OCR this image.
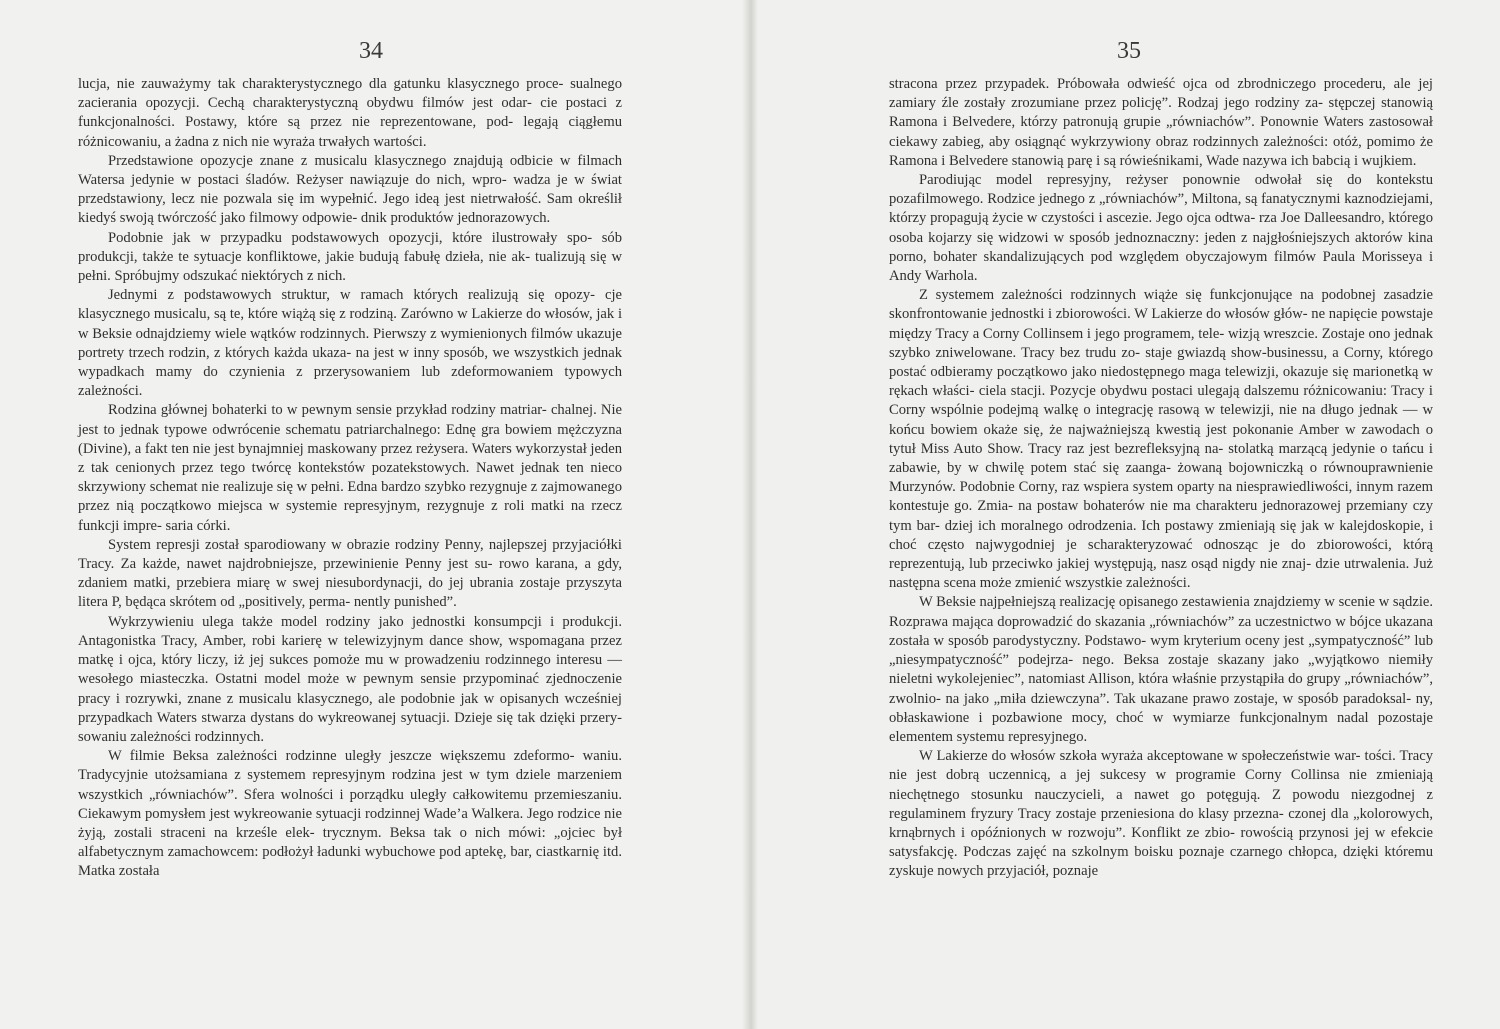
34

lucja, nie zauważymy tak charakterystycznego dla gatunku klasycznego proce- sualnego zacierania opozycji. Cechą charakterystyczną obydwu filmów jest odar- cie postaci z funkcjonalności. Postawy, które są przez nie reprezentowane, pod- legają ciągłemu różnicowaniu, a żadna z nich nie wyraża trwałych wartości.

Przedstawione opozycje znane z musicalu klasycznego znajdują odbicie w filmach Watersa jedynie w postaci śladów. Reżyser nawiązuje do nich, wpro- wadza je w świat przedstawiony, lecz nie pozwala się im wypełnić. Jego ideą jest nietrwałość. Sam określił kiedyś swoją twórczość jako filmowy odpowie- dnik produktów jednorazowych.

Podobnie jak w przypadku podstawowych opozycji, które ilustrowały spo- sób produkcji, także te sytuacje konfliktowe, jakie budują fabułę dzieła, nie ak- tualizują się w pełni. Spróbujmy odszukać niektórych z nich.

Jednymi z podstawowych struktur, w ramach których realizują się opozy- cje klasycznego musicalu, są te, które wiążą się z rodziną. Zarówno w Lakierze do włosów, jak i w Beksie odnajdziemy wiele wątków rodzinnych. Pierwszy z wymienionych filmów ukazuje portrety trzech rodzin, z których każda ukaza- na jest w inny sposób, we wszystkich jednak wypadkach mamy do czynienia z przerysowaniem lub zdeformowaniem typowych zależności.

Rodzina głównej bohaterki to w pewnym sensie przykład rodziny matriar- chalnej. Nie jest to jednak typowe odwrócenie schematu patriarchalnego: Ednę gra bowiem mężczyzna (Divine), a fakt ten nie jest bynajmniej maskowany przez reżysera. Waters wykorzystał jeden z tak cenionych przez tego twórcę kontekstów pozatekstowych. Nawet jednak ten nieco skrzywiony schemat nie realizuje się w pełni. Edna bardzo szybko rezygnuje z zajmowanego przez nią początkowo miejsca w systemie represyjnym, rezygnuje z roli matki na rzecz funkcji impre- saria córki.

System represji został sparodiowany w obrazie rodziny Penny, najlepszej przyjaciółki Tracy. Za każde, nawet najdrobniejsze, przewinienie Penny jest su- rowo karana, a gdy, zdaniem matki, przebiera miarę w swej niesubordynacji, do jej ubrania zostaje przyszyta litera P, będąca skrótem od „positively, perma- nently punished”.

Wykrzywieniu ulega także model rodziny jako jednostki konsumpcji i produkcji. Antagonistka Tracy, Amber, robi karierę w telewizyjnym dance show, wspomagana przez matkę i ojca, który liczy, iż jej sukces pomoże mu w prowadzeniu rodzinnego interesu — wesołego miasteczka. Ostatni model może w pewnym sensie przypominać zjednoczenie pracy i rozrywki, znane z musicalu klasycznego, ale podobnie jak w opisanych wcześniej przypadkach Waters stwarza dystans do wykreowanej sytuacji. Dzieje się tak dzięki przery- sowaniu zależności rodzinnych.

W filmie Beksa zależności rodzinne uległy jeszcze większemu zdeformo- waniu. Tradycyjnie utożsamiana z systemem represyjnym rodzina jest w tym dziele marzeniem wszystkich „równiachów”. Sfera wolności i porządku uległy całkowitemu przemieszaniu. Ciekawym pomysłem jest wykreowanie sytuacji rodzinnej Wade’a Walkera. Jego rodzice nie żyją, zostali straceni na krześle elek- trycznym. Beksa tak o nich mówi: „ojciec był alfabetycznym zamachowcem: podłożył ładunki wybuchowe pod aptekę, bar, ciastkarnię itd. Matka została

35

stracona przez przypadek. Próbowała odwieść ojca od zbrodniczego procederu, ale jej zamiary źle zostały zrozumiane przez policję”. Rodzaj jego rodziny za- stępczej stanowią Ramona i Belvedere, którzy patronują grupie „równiachów”. Ponownie Waters zastosował ciekawy zabieg, aby osiągnąć wykrzywiony obraz rodzinnych zależności: otóż, pomimo że Ramona i Belvedere stanowią parę i są rówieśnikami, Wade nazywa ich babcią i wujkiem.

Parodiując model represyjny, reżyser ponownie odwołał się do kontekstu pozafilmowego. Rodzice jednego z „równiachów”, Miltona, są fanatycznymi kaznodziejami, którzy propagują życie w czystości i ascezie. Jego ojca odtwa- rza Joe Dalleesandro, którego osoba kojarzy się widzowi w sposób jednoznaczny: jeden z najgłośniejszych aktorów kina porno, bohater skandalizujących pod względem obyczajowym filmów Paula Morisseya i Andy Warhola.

Z systemem zależności rodzinnych wiąże się funkcjonujące na podobnej zasadzie skonfrontowanie jednostki i zbiorowości. W Lakierze do włosów głów- ne napięcie powstaje między Tracy a Corny Collinsem i jego programem, tele- wizją wreszcie. Zostaje ono jednak szybko zniwelowane. Tracy bez trudu zo- staje gwiazdą show-businessu, a Corny, którego postać odbieramy początkowo jako niedostępnego maga telewizji, okazuje się marionetką w rękach właści- ciela stacji. Pozycje obydwu postaci ulegają dalszemu różnicowaniu: Tracy i Corny wspólnie podejmą walkę o integrację rasową w telewizji, nie na długo jednak — w końcu bowiem okaże się, że najważniejszą kwestią jest pokonanie Amber w zawodach o tytuł Miss Auto Show. Tracy raz jest bezrefleksyjną na- stolatką marzącą jedynie o tańcu i zabawie, by w chwilę potem stać się zaanga- żowaną bojowniczką o równouprawnienie Murzynów. Podobnie Corny, raz wspiera system oparty na niesprawiedliwości, innym razem kontestuje go. Zmia- na postaw bohaterów nie ma charakteru jednorazowej przemiany czy tym bar- dziej ich moralnego odrodzenia. Ich postawy zmieniają się jak w kalejdoskopie, i choć często najwygodniej je scharakteryzować odnosząc je do zbiorowości, którą reprezentują, lub przeciwko jakiej występują, nasz osąd nigdy nie znaj- dzie utrwalenia. Już następna scena może zmienić wszystkie zależności.

W Beksie najpełniejszą realizację opisanego zestawienia znajdziemy w scenie w sądzie. Rozprawa mająca doprowadzić do skazania „równiachów” za uczestnictwo w bójce ukazana została w sposób parodystyczny. Podstawo- wym kryterium oceny jest „sympatyczność” lub „niesympatyczność” podejrza- nego. Beksa zostaje skazany jako „wyjątkowo niemiły nieletni wykolejeniec”, natomiast Allison, która właśnie przystąpiła do grupy „równiachów”, zwolnio- na jako „miła dziewczyna”. Tak ukazane prawo zostaje, w sposób paradoksal- ny, obłaskawione i pozbawione mocy, choć w wymiarze funkcjonalnym nadal pozostaje elementem systemu represyjnego.

W Lakierze do włosów szkoła wyraża akceptowane w społeczeństwie war- tości. Tracy nie jest dobrą uczennicą, a jej sukcesy w programie Corny Collinsa nie zmieniają niechętnego stosunku nauczycieli, a nawet go potęgują. Z powodu niezgodnej z regulaminem fryzury Tracy zostaje przeniesiona do klasy przezna- czonej dla „kolorowych, krnąbrnych i opóźnionych w rozwoju”. Konflikt ze zbio- rowością przynosi jej w efekcie satysfakcję. Podczas zajęć na szkolnym boisku poznaje czarnego chłopca, dzięki któremu zyskuje nowych przyjaciół, poznaje
